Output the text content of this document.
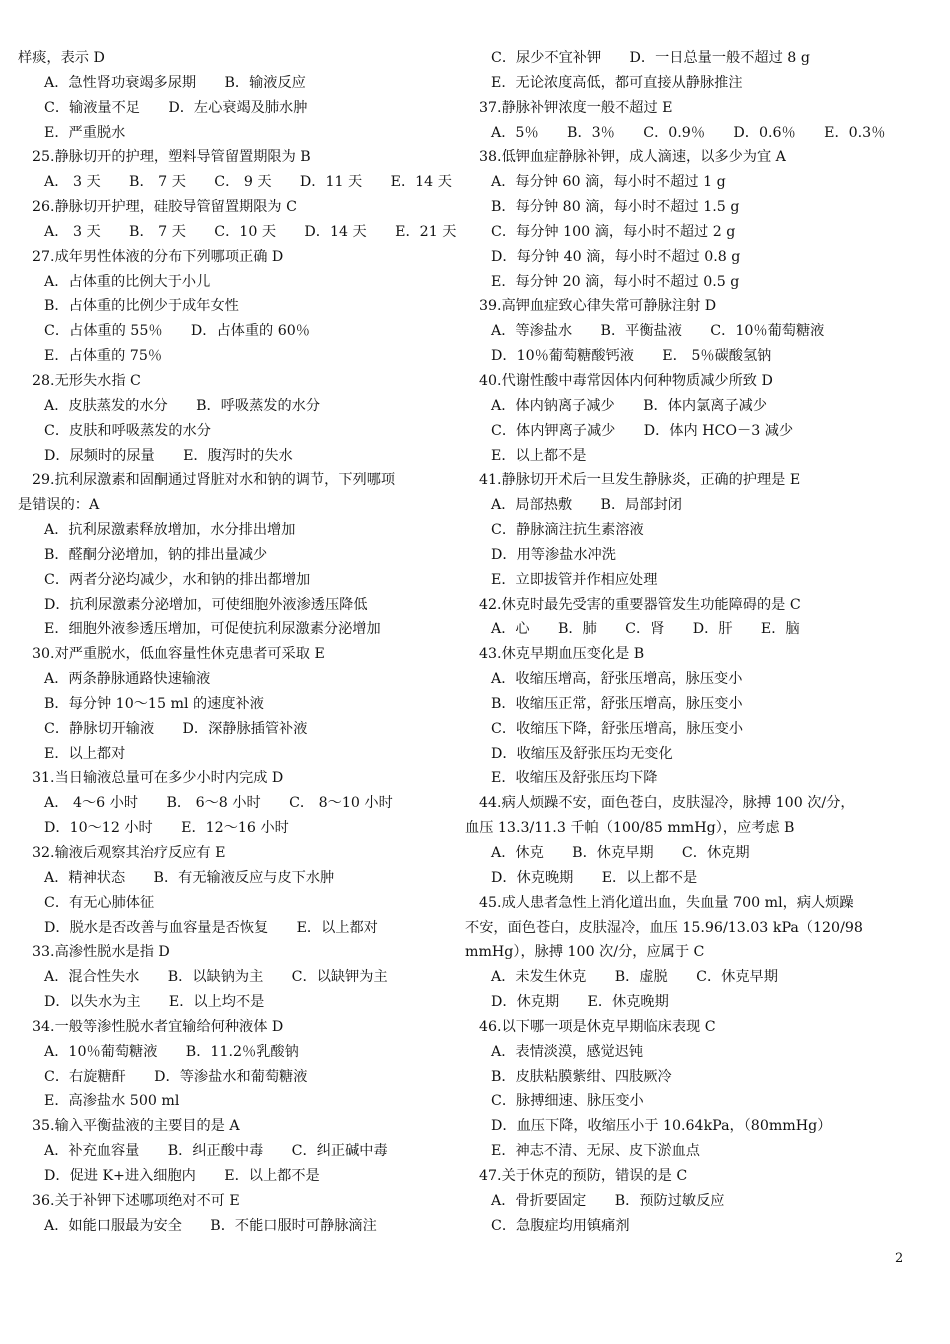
样痰，表示 D
A．急性肾功衰竭多尿期　　B．输液反应
C．输液量不足　　D．左心衰竭及肺水肿
E．严重脱水
25.静脉切开的护理，塑料导管留置期限为 B
A． 3 天　　B． 7 天　　C． 9 天　　D．11 天　　E．14 天
26.静脉切开护理，硅胶导管留置期限为 C
A． 3 天　　B． 7 天　　C．10 天　　D．14 天　　E．21 天
27.成年男性体液的分布下列哪项正确 D
A．占体重的比例大于小儿
B．占体重的比例少于成年女性
C．占体重的 55％　　D．占体重的 60％
E．占体重的 75％
28.无形失水指 C
A．皮肤蒸发的水分　　B．呼吸蒸发的水分
C．皮肤和呼吸蒸发的水分
D．尿频时的尿量　　E．腹泻时的失水
29.抗利尿激素和固酮通过肾脏对水和钠的调节，下列哪项
是错误的：A
A．抗利尿激素释放增加，水分排出增加
B．醛酮分泌增加，钠的排出量减少
C．两者分泌均减少，水和钠的排出都增加
D．抗利尿激素分泌增加，可使细胞外液渗透压降低
E．细胞外液参透压增加，可促使抗利尿激素分泌增加
30.对严重脱水，低血容量性休克患者可采取 E
A．两条静脉通路快速输液
B．每分钟 10～15 ml 的速度补液
C．静脉切开输液　　D．深静脉插管补液
E．以上都对
31.当日输液总量可在多少小时内完成 D
A． 4～6 小时　　B． 6～8 小时　　C． 8～10 小时
D．10～12 小时　　E．12～16 小时
32.输液后观察其治疗反应有 E
A．精神状态　　B．有无输液反应与皮下水肿
C．有无心肺体征
D．脱水是否改善与血容量是否恢复　　E．以上都对
33.高渗性脱水是指 D
A．混合性失水　　B．以缺钠为主　　C．以缺钾为主
D．以失水为主　　E．以上均不是
34.一般等渗性脱水者宜输给何种液体 D
A．10％葡萄糖液　　B．11.2％乳酸钠
C．右旋糖酐　　D．等渗盐水和葡萄糖液
E．高渗盐水 500 ml
35.输入平衡盐液的主要目的是 A
A．补充血容量　　B．纠正酸中毒　　C．纠正碱中毒
D．促进 K+进入细胞内　　E．以上都不是
36.关于补钾下述哪项绝对不可 E
A．如能口服最为安全　　B．不能口服时可静脉滴注
C．尿少不宜补钾　　D．一日总量一般不超过 8 g
E．无论浓度高低，都可直接从静脉推注
37.静脉补钾浓度一般不超过 E
A．5％　　B．3％　　C．0.9％　　D．0.6％　　E．0.3％
38.低钾血症静脉补钾，成人滴速，以多少为宜 A
A．每分钟 60 滴，每小时不超过 1 g
B．每分钟 80 滴，每小时不超过 1.5 g
C．每分钟 100 滴，每小时不超过 2 g
D．每分钟 40 滴，每小时不超过 0.8 g
E．每分钟 20 滴，每小时不超过 0.5 g
39.高钾血症致心律失常可静脉注射 D
A．等渗盐水　　B．平衡盐液　　C．10％葡萄糖液
D．10％葡萄糖酸钙液　　E． 5％碳酸氢钠
40.代谢性酸中毒常因体内何种物质减少所致 D
A．体内钠离子减少　　B．体内氯离子减少
C．体内钾离子减少　　D．体内 HCO－3 减少
E．以上都不是
41.静脉切开术后一旦发生静脉炎，正确的护理是 E
A．局部热敷　　B．局部封闭
C．静脉滴注抗生素溶液
D．用等渗盐水冲洗
E．立即拔管并作相应处理
42.休克时最先受害的重要器管发生功能障碍的是 C
A．心　　B．肺　　C．肾　　D．肝　　E．脑
43.休克早期血压变化是 B
A．收缩压增高，舒张压增高，脉压变小
B．收缩压正常，舒张压增高，脉压变小
C．收缩压下降，舒张压增高，脉压变小
D．收缩压及舒张压均无变化
E．收缩压及舒张压均下降
44.病人烦躁不安，面色苍白，皮肤湿冷，脉搏 100 次/分，
血压 13.3/11.3 千帕（100/85 mmHg），应考虑 B
A．休克　　B．休克早期　　C．休克期
D．休克晚期　　E．以上都不是
45.成人患者急性上消化道出血，失血量 700 ml，病人烦躁
不安，面色苍白，皮肤湿冷，血压 15.96/13.03 kPa（120/98
mmHg），脉搏 100 次/分，应属于 C
A．未发生休克　　B．虚脱　　C．休克早期
D．休克期　　E．休克晚期
46.以下哪一项是休克早期临床表现 C
A．表情淡漠，感觉迟钝
B．皮肤粘膜紫绀、四肢厥冷
C．脉搏细速、脉压变小
D．血压下降，收缩压小于 10.64kPa，（80mmHg）
E．神志不清、无尿、皮下淤血点
47.关于休克的预防，错误的是 C
A．骨折要固定　　B．预防过敏反应
C．急腹症均用镇痛剂
2
